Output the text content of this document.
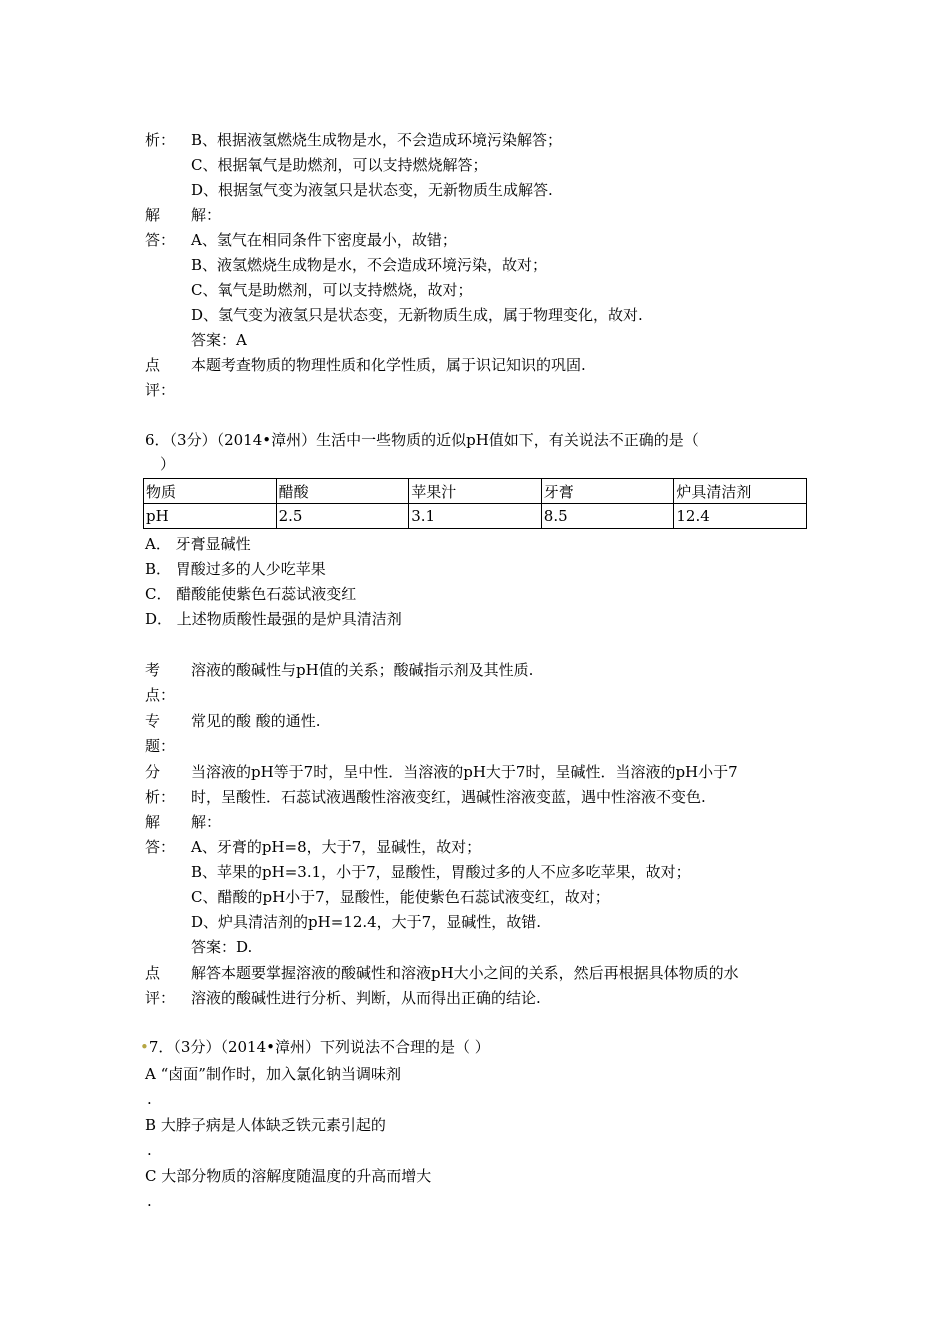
析： B、根据液氢燃烧生成物是水，不会造成环境污染解答；
C、根据氧气是助燃剂，可以支持燃烧解答；
D、根据氢气变为液氢只是状态变，无新物质生成解答.
解
答：
解：
A、氢气在相同条件下密度最小，故错；
B、液氢燃烧生成物是水，不会造成环境污染，故对；
C、氧气是助燃剂，可以支持燃烧，故对；
D、氢气变为液氢只是状态变，无新物质生成，属于物理变化，故对.
答案：A
点
评：
本题考查物质的物理性质和化学性质，属于识记知识的巩固.
6．（3分）（2014•漳州）生活中一些物质的近似pH值如下，有关说法不正确的是（
）
物质	醋酸	苹果汁	牙膏	炉具清洁剂
pH	2.5	3.1	8.5	12.4
A． 牙膏显碱性
B． 胃酸过多的人少吃苹果
C． 醋酸能使紫色石蕊试液变红
D． 上述物质酸性最强的是炉具清洁剂
考
点：
溶液的酸碱性与pH值的关系；酸碱指示剂及其性质.
专
题：
常见的酸 酸的通性.
分
析：
当溶液的pH等于7时，呈中性．当溶液的pH大于7时，呈碱性．当溶液的pH小于7
时，呈酸性．石蕊试液遇酸性溶液变红，遇碱性溶液变蓝，遇中性溶液不变色.
解
答：
解：
A、牙膏的pH=8，大于7，显碱性，故对；
B、苹果的pH=3.1，小于7，显酸性，胃酸过多的人不应多吃苹果，故对；
C、醋酸的pH小于7，显酸性，能使紫色石蕊试液变红，故对；
D、炉具清洁剂的pH=12.4，大于7，显碱性，故错.
答案：D.
点
评：
解答本题要掌握溶液的酸碱性和溶液pH大小之间的关系，然后再根据具体物质的水
溶液的酸碱性进行分析、判断，从而得出正确的结论.
•7．（3分）（2014•漳州）下列说法不合理的是（ ）
A “卤面”制作时，加入氯化钠当调味剂
.
B 大脖子病是人体缺乏铁元素引起的
.
C 大部分物质的溶解度随温度的升高而增大
.
